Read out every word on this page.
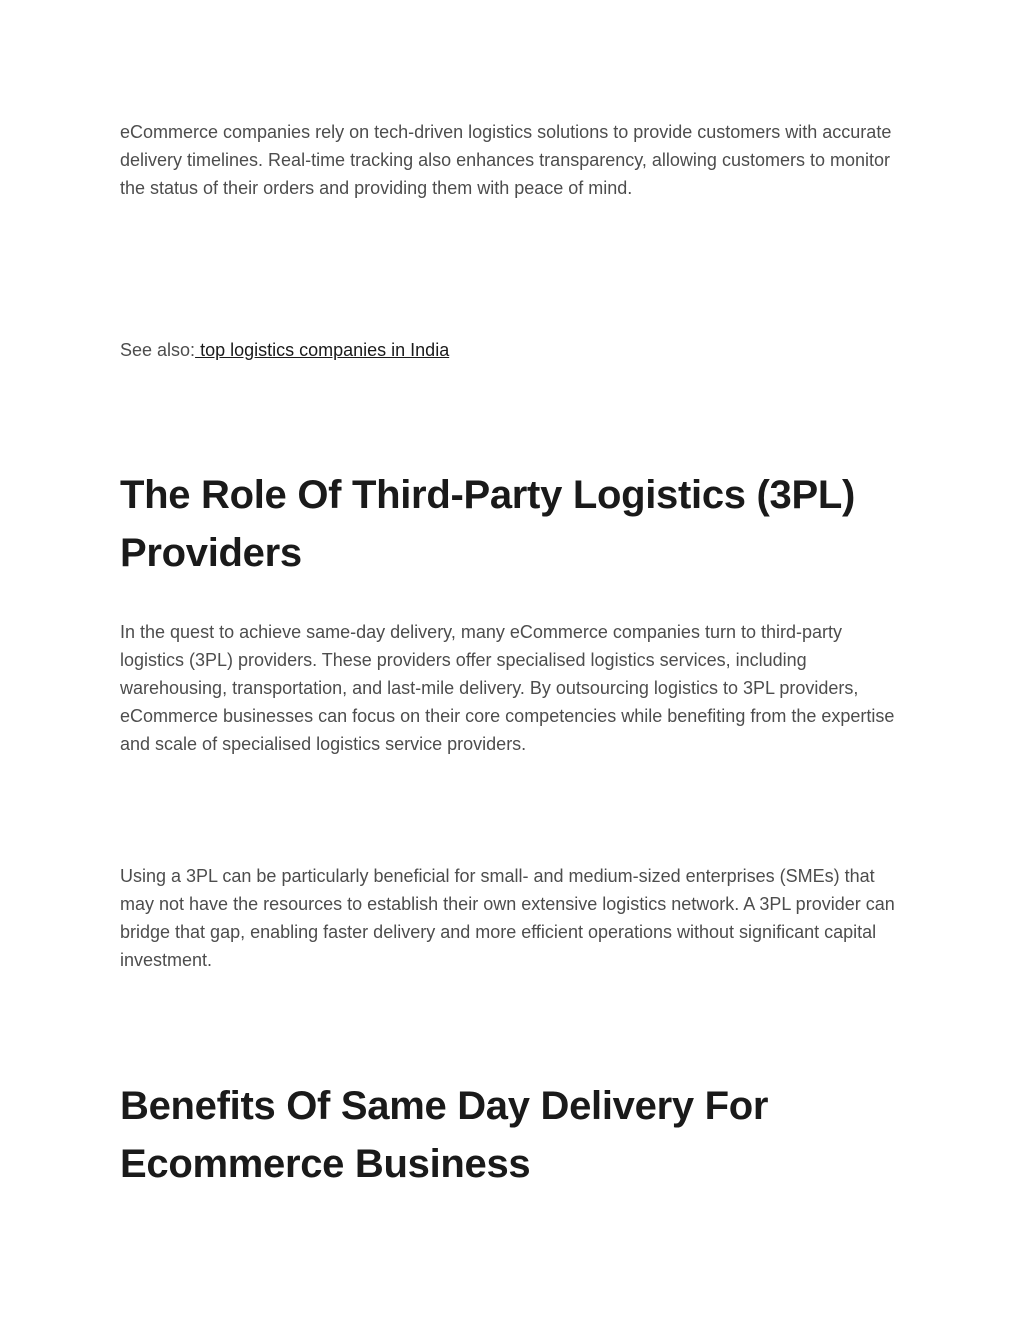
eCommerce companies rely on tech-driven logistics solutions to provide customers with accurate delivery timelines. Real-time tracking also enhances transparency, allowing customers to monitor the status of their orders and providing them with peace of mind.

See also: top logistics companies in India

The Role Of Third-Party Logistics (3PL) Providers

In the quest to achieve same-day delivery, many eCommerce companies turn to third-party logistics (3PL) providers. These providers offer specialised logistics services, including warehousing, transportation, and last-mile delivery. By outsourcing logistics to 3PL providers, eCommerce businesses can focus on their core competencies while benefiting from the expertise and scale of specialised logistics service providers.

Using a 3PL can be particularly beneficial for small- and medium-sized enterprises (SMEs) that may not have the resources to establish their own extensive logistics network. A 3PL provider can bridge that gap, enabling faster delivery and more efficient operations without significant capital investment.

Benefits Of Same Day Delivery For Ecommerce Business
